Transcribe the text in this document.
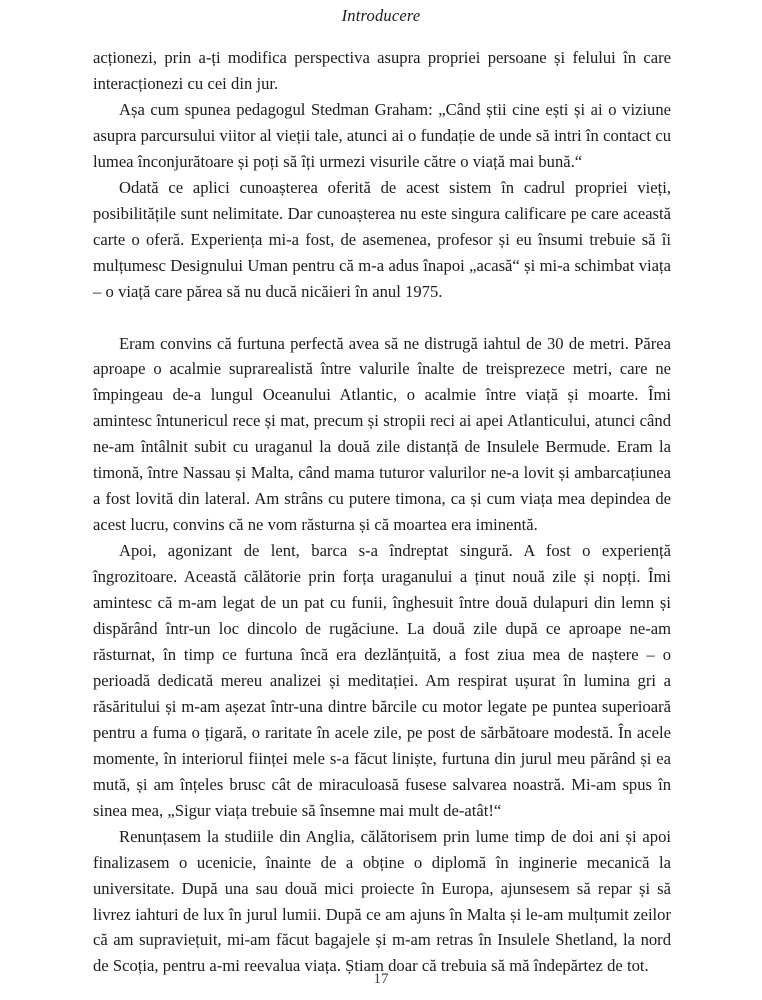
Introducere

acționezi, prin a-ți modifica perspectiva asupra propriei persoane și felului în care interacționezi cu cei din jur.

Așa cum spunea pedagogul Stedman Graham: „Când știi cine ești și ai o viziune asupra parcursului viitor al vieții tale, atunci ai o fundație de unde să intri în contact cu lumea înconjurătoare și poți să îți urmezi visurile către o viață mai bună.“

Odată ce aplici cunoașterea oferită de acest sistem în cadrul propriei vieți, posibilitățile sunt nelimitate. Dar cunoașterea nu este singura calificare pe care această carte o oferă. Experiența mi-a fost, de asemenea, profesor și eu însumi trebuie să îi mulțumesc Designului Uman pentru că m-a adus înapoi „acasă“ și mi-a schimbat viața – o viață care părea să nu ducă nicăieri în anul 1975.

Eram convins că furtuna perfectă avea să ne distrugă iahtul de 30 de metri. Părea aproape o acalmie suprarealistă între valurile înalte de treisprezece metri, care ne împingeau de-a lungul Oceanului Atlantic, o acalmie între viață și moarte. Îmi amintesc întunericul rece și mat, precum și stropii reci ai apei Atlanticului, atunci când ne-am întâlnit subit cu uraganul la două zile distanță de Insulele Bermude. Eram la timonă, între Nassau și Malta, când mama tuturor valurilor ne-a lovit și ambarcațiunea a fost lovită din lateral. Am strâns cu putere timona, ca și cum viața mea depindea de acest lucru, convins că ne vom răsturna și că moartea era iminentă.

Apoi, agonizant de lent, barca s-a îndreptat singură. A fost o experiență îngrozitoare. Această călătorie prin forța uraganului a ținut nouă zile și nopți. Îmi amintesc că m-am legat de un pat cu funii, înghesuit între două dulapuri din lemn și dispărând într-un loc dincolo de rugăciune. La două zile după ce aproape ne-am răsturnat, în timp ce furtuna încă era dezlănțuită, a fost ziua mea de naștere – o perioadă dedicată mereu analizei și meditației. Am respirat ușurat în lumina gri a răsăritului și m-am așezat într-una dintre bărcile cu motor legate pe puntea superioară pentru a fuma o țigară, o raritate în acele zile, pe post de sărbătoare modestă. În acele momente, în interiorul ființei mele s-a făcut liniște, furtuna din jurul meu părând și ea mută, și am înțeles brusc cât de miraculoasă fusese salvarea noastră. Mi-am spus în sinea mea, „Sigur viața trebuie să însemne mai mult de-atât!“

Renunțasem la studiile din Anglia, călătorisem prin lume timp de doi ani și apoi finalizasem o ucenicie, înainte de a obține o diplomă în inginerie mecanică la universitate. După una sau două mici proiecte în Europa, ajunsesem să repar și să livrez iahturi de lux în jurul lumii. După ce am ajuns în Malta și le-am mulțumit zeilor că am supraviețuit, mi-am făcut bagajele și m-am retras în Insulele Shetland, la nord de Scoția, pentru a-mi reevalua viața. Știam doar că trebuia să mă îndepărtez de tot.

17
